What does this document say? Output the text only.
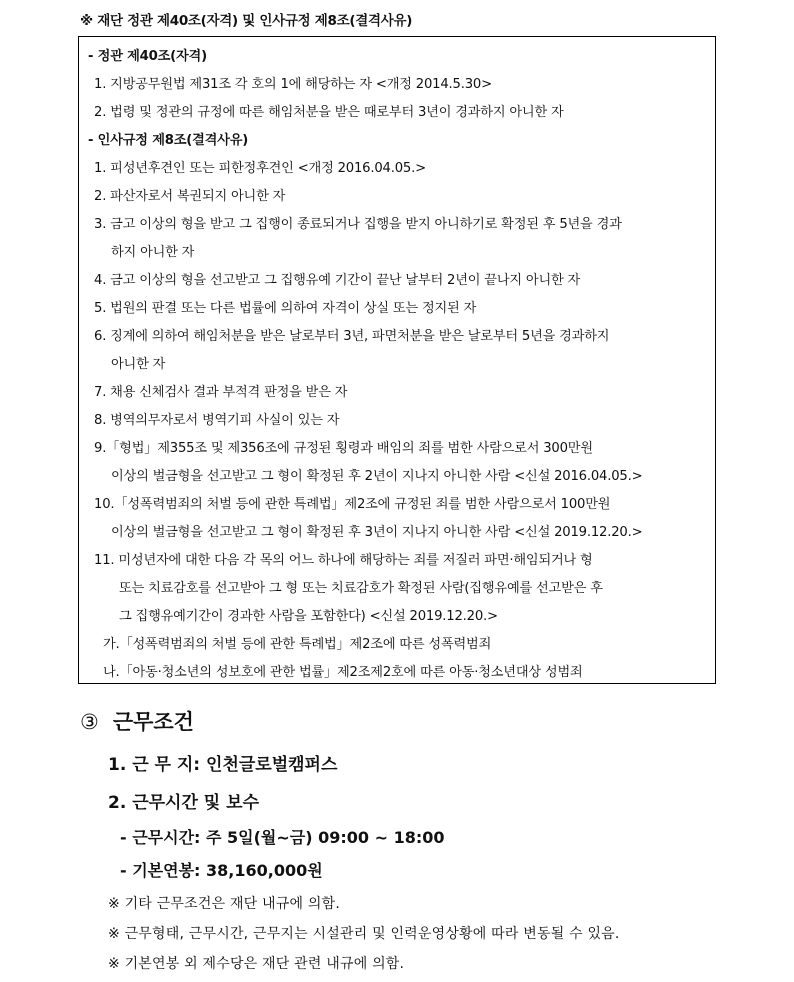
※ 재단 정관 제40조(자격) 및 인사규정 제8조(결격사유)
- 정관 제40조(자격)
1. 지방공무원법 제31조 각 호의 1에 해당하는 자 <개정 2014.5.30>
2. 법령 및 정관의 규정에 따른 해임처분을 받은 때로부터 3년이 경과하지 아니한 자
- 인사규정 제8조(결격사유)
1. 피성년후견인 또는 피한정후견인 <개정 2016.04.05.>
2. 파산자로서 복권되지 아니한 자
3. 금고 이상의 형을 받고 그 집행이 종료되거나 집행을 받지 아니하기로 확정된 후 5년을 경과
하지 아니한 자
4. 금고 이상의 형을 선고받고 그 집행유예 기간이 끝난 날부터 2년이 끝나지 아니한 자
5. 법원의 판결 또는 다른 법률에 의하여 자격이 상실 또는 정지된 자
6. 징계에 의하여 해임처분을 받은 날로부터 3년, 파면처분을 받은 날로부터 5년을 경과하지
아니한 자
7. 채용 신체검사 결과 부적격 판정을 받은 자
8. 병역의무자로서 병역기피 사실이 있는 자
9.「형법」제355조 및 제356조에 규정된 횡령과 배임의 죄를 범한 사람으로서 300만원
이상의 벌금형을 선고받고 그 형이 확정된 후 2년이 지나지 아니한 사람 <신설 2016.04.05.>
10.「성폭력범죄의 처벌 등에 관한 특례법」제2조에 규정된 죄를 범한 사람으로서 100만원
이상의 벌금형을 선고받고 그 형이 확정된 후 3년이 지나지 아니한 사람 <신설 2019.12.20.>
11. 미성년자에 대한 다음 각 목의 어느 하나에 해당하는 죄를 저질러 파면·해임되거나 형
또는 치료감호를 선고받아 그 형 또는 치료감호가 확정된 사람(집행유예를 선고받은 후
그 집행유예기간이 경과한 사람을 포함한다) <신설 2019.12.20.>
가.「성폭력범죄의 처벌 등에 관한 특례법」제2조에 따른 성폭력범죄
나.「아동·청소년의 성보호에 관한 법률」제2조제2호에 따른 아동·청소년대상 성범죄
③ 근무조건
1. 근 무 지: 인천글로벌캠퍼스
2. 근무시간 및 보수
- 근무시간: 주 5일(월~금) 09:00 ~ 18:00
- 기본연봉: 38,160,000원
※ 기타 근무조건은 재단 내규에 의함.
※ 근무형태, 근무시간, 근무지는 시설관리 및 인력운영상황에 따라 변동될 수 있음.
※ 기본연봉 외 제수당은 재단 관련 내규에 의함.
